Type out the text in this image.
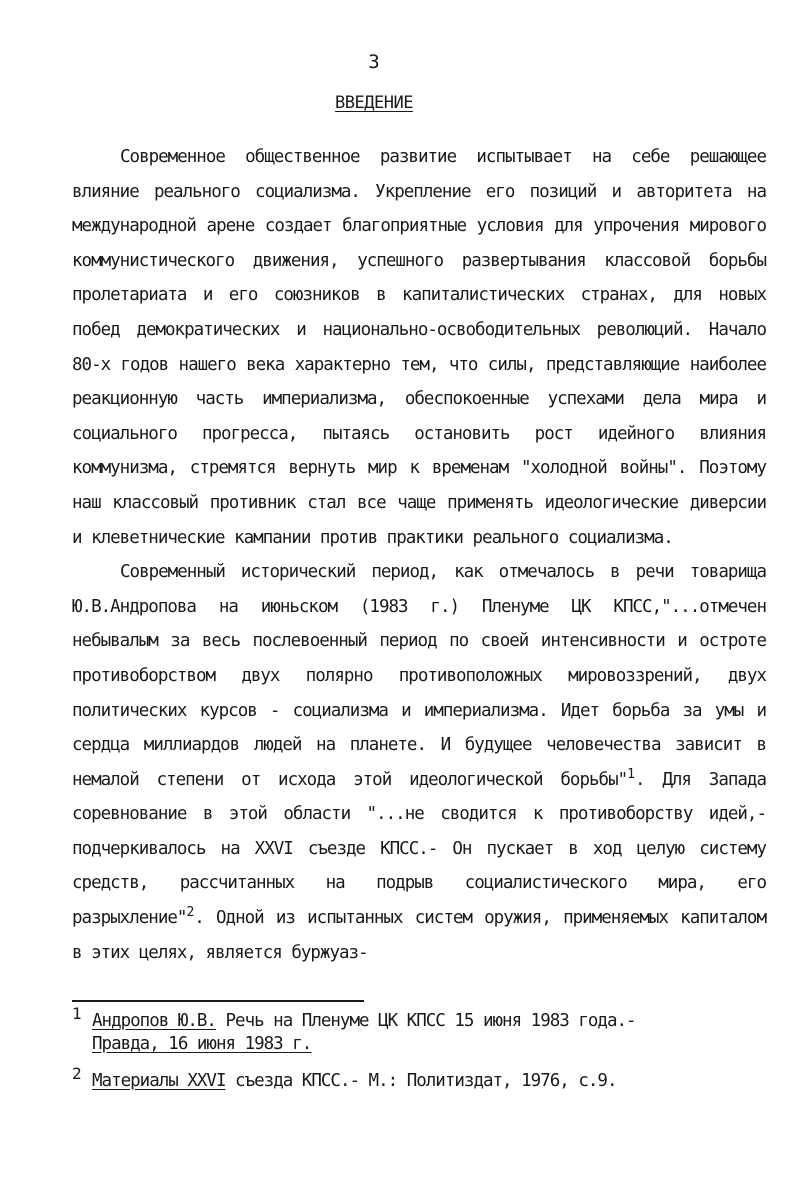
3
ВВЕДЕНИЕ

Современное общественное развитие испытывает на себе решающее влияние реального социализма. Укрепление его позиций и авторитета на международной арене создает благоприятные условия для упрочения мирового коммунистического движения, успешного развертывания классовой борьбы пролетариата и его союзников в капиталистических странах, для новых побед демократических и национально-освободительных революций. Начало 80-х годов нашего века характерно тем, что силы, представляющие наиболее реакционную часть империализма, обеспокоенные успехами дела мира и социального прогресса, пытаясь остановить рост идейного влияния коммунизма, стремятся вернуть мир к временам "холодной войны". Поэтому наш классовый противник стал все чаще применять идеологические диверсии и клеветнические кампании против практики реального социализма.

Современный исторический период, как отмечалось в речи товарища Ю.В.Андропова на июньском (1983 г.) Пленуме ЦК КПСС,"...отмечен небывалым за весь послевоенный период по своей интенсивности и остроте противоборством двух полярно противоположных мировоззрений, двух политических курсов - социализма и империализма. Идет борьба за умы и сердца миллиардов людей на планете. И будущее человечества зависит в немалой степени от исхода этой идеологической борьбы"$^1$. Для Запада соревнование в этой области "...не сводится к противоборству идей,- подчеркивалось на XXVI съезде КПСС.- Он пускает в ход целую систему средств, рассчитанных на подрыв социалистического мира, его разрыхление"$^2$. Одной из испытанных систем оружия, применяемых капиталом в этих целях, является буржуаз-

1 Андропов Ю.В. Речь на Пленуме ЦК КПСС 15 июня 1983 года.-
Правда, 16 июня 1983 г.
2 Материалы XXVI съезда КПСС.- М.: Политиздат, 1976, с.9.
